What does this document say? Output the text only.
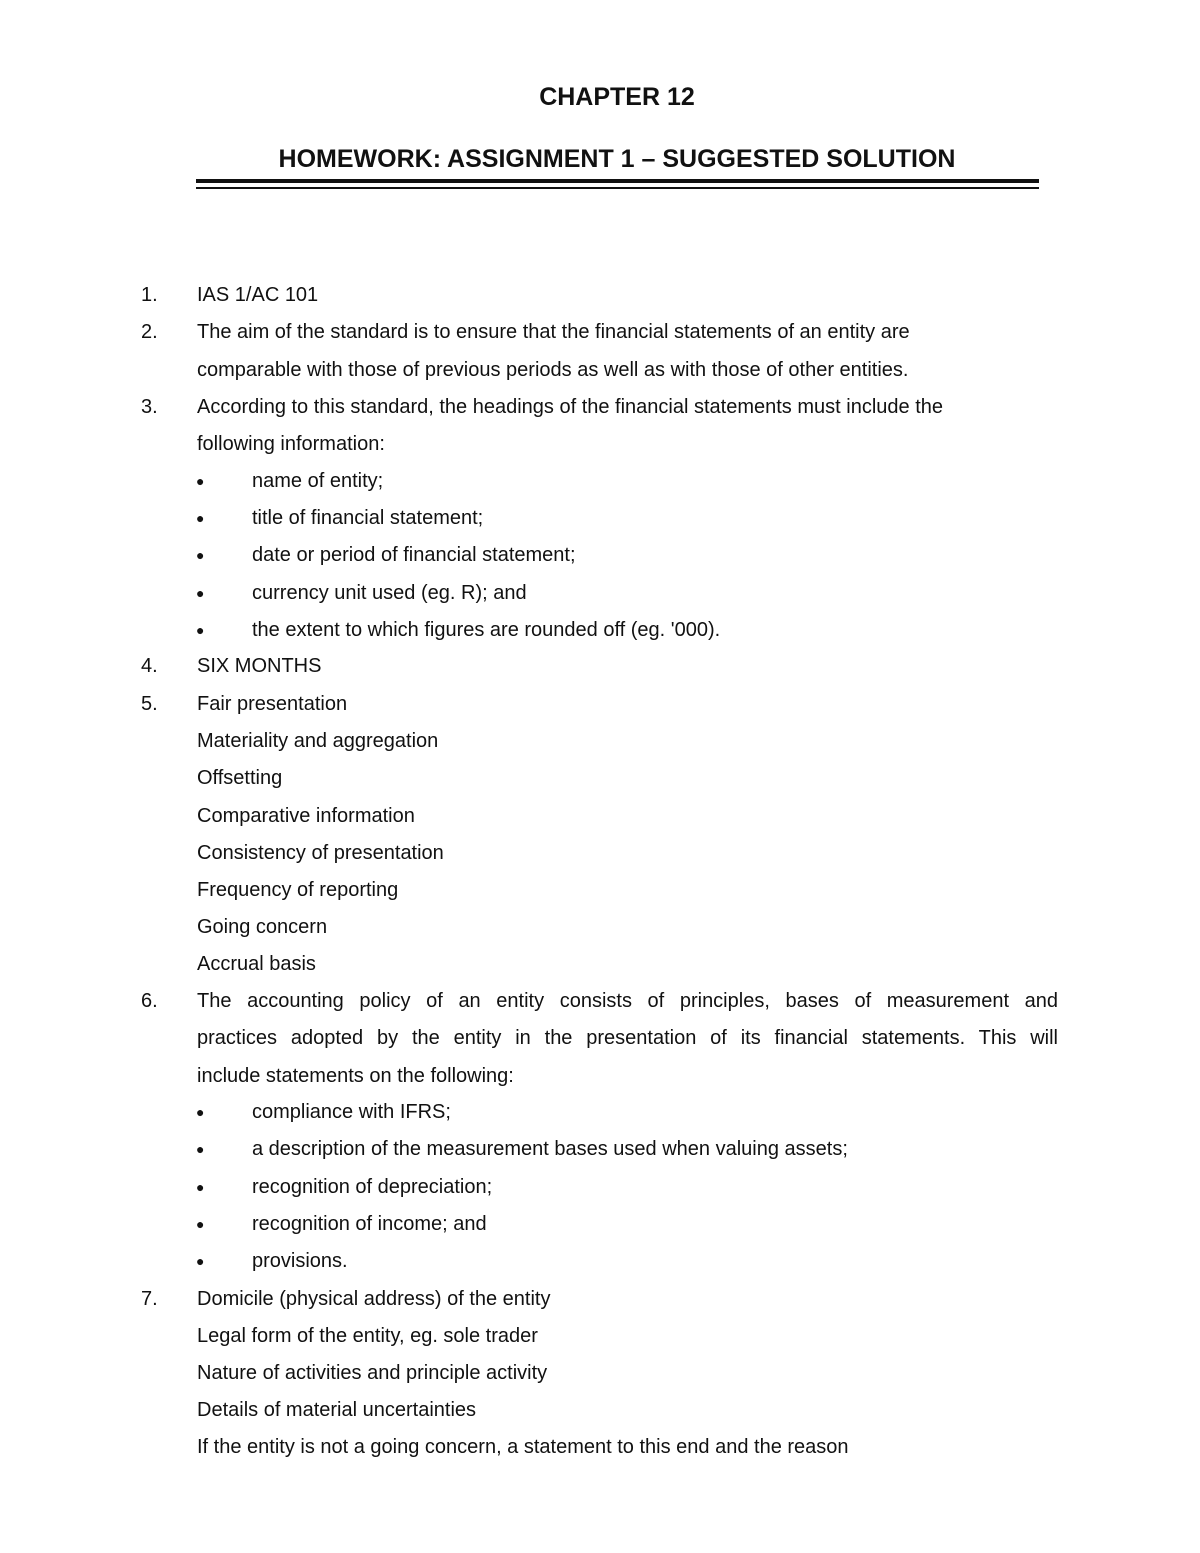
CHAPTER 12
HOMEWORK: ASSIGNMENT 1 – SUGGESTED SOLUTION
1. IAS 1/AC 101
2. The aim of the standard is to ensure that the financial statements of an entity are
comparable with those of previous periods as well as with those of other entities.
3. According to this standard, the headings of the financial statements must include the
following information:
● name of entity;
● title of financial statement;
● date or period of financial statement;
● currency unit used (eg. R); and
● the extent to which figures are rounded off (eg. '000).
4. SIX MONTHS
5. Fair presentation
Materiality and aggregation
Offsetting
Comparative information
Consistency of presentation
Frequency of reporting
Going concern
Accrual basis
6. The accounting policy of an entity consists of principles, bases of measurement and
practices adopted by the entity in the presentation of its financial statements. This will
include statements on the following:
● compliance with IFRS;
● a description of the measurement bases used when valuing assets;
● recognition of depreciation;
● recognition of income; and
● provisions.
7. Domicile (physical address) of the entity
Legal form of the entity, eg. sole trader
Nature of activities and principle activity
Details of material uncertainties
If the entity is not a going concern, a statement to this end and the reason
